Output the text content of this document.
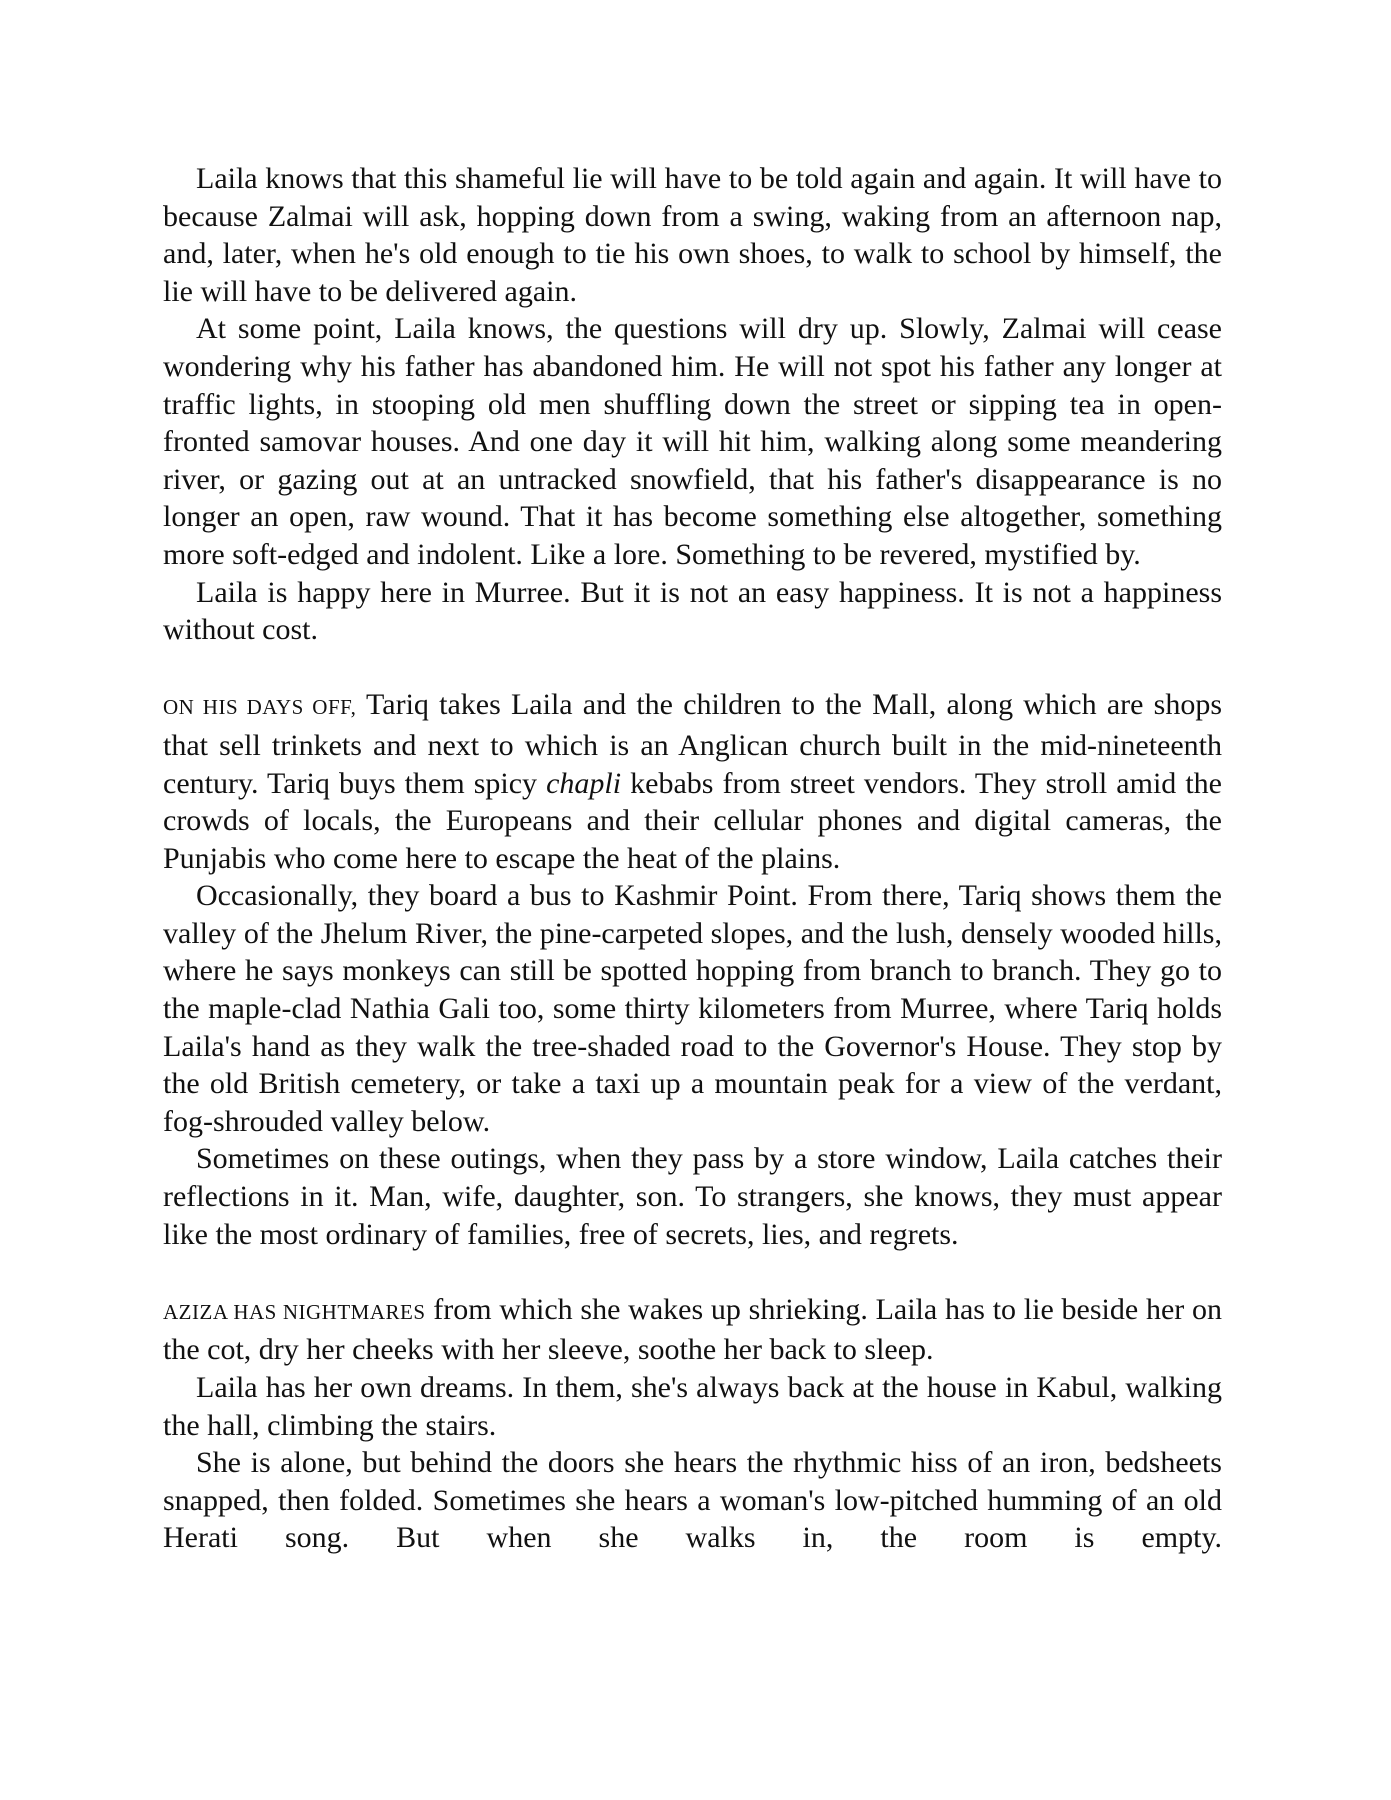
Laila knows that this shameful lie will have to be told again and again. It will have to because Zalmai will ask, hopping down from a swing, waking from an afternoon nap, and, later, when he's old enough to tie his own shoes, to walk to school by himself, the lie will have to be delivered again.

At some point, Laila knows, the questions will dry up. Slowly, Zalmai will cease wondering why his father has abandoned him. He will not spot his father any longer at traffic lights, in stooping old men shuffling down the street or sipping tea in open-fronted samovar houses. And one day it will hit him, walking along some meandering river, or gazing out at an untracked snowfield, that his father's disappearance is no longer an open, raw wound. That it has become something else altogether, something more soft-edged and indolent. Like a lore. Something to be revered, mystified by.

Laila is happy here in Murree. But it is not an easy happiness. It is not a happiness without cost.

ON HIS DAYS OFF, Tariq takes Laila and the children to the Mall, along which are shops that sell trinkets and next to which is an Anglican church built in the mid-nineteenth century. Tariq buys them spicy chapli kebabs from street vendors. They stroll amid the crowds of locals, the Europeans and their cellular phones and digital cameras, the Punjabis who come here to escape the heat of the plains.

Occasionally, they board a bus to Kashmir Point. From there, Tariq shows them the valley of the Jhelum River, the pine-carpeted slopes, and the lush, densely wooded hills, where he says monkeys can still be spotted hopping from branch to branch. They go to the maple-clad Nathia Gali too, some thirty kilometers from Murree, where Tariq holds Laila's hand as they walk the tree-shaded road to the Governor's House. They stop by the old British cemetery, or take a taxi up a mountain peak for a view of the verdant, fog-shrouded valley below.

Sometimes on these outings, when they pass by a store window, Laila catches their reflections in it. Man, wife, daughter, son. To strangers, she knows, they must appear like the most ordinary of families, free of secrets, lies, and regrets.

AZIZA HAS NIGHTMARES from which she wakes up shrieking. Laila has to lie beside her on the cot, dry her cheeks with her sleeve, soothe her back to sleep.

Laila has her own dreams. In them, she's always back at the house in Kabul, walking the hall, climbing the stairs.

She is alone, but behind the doors she hears the rhythmic hiss of an iron, bedsheets snapped, then folded. Sometimes she hears a woman's low-pitched humming of an old Herati song. But when she walks in, the room is empty.
